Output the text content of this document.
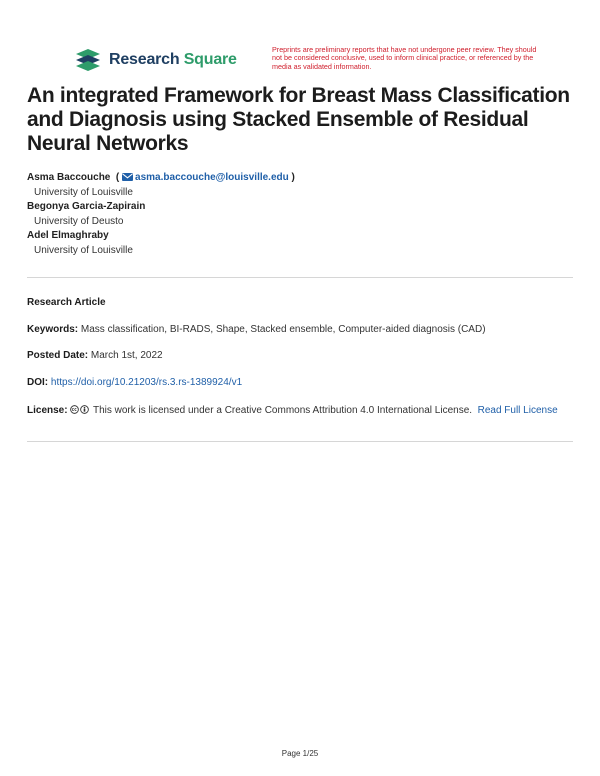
Research Square
Preprints are preliminary reports that have not undergone peer review. They should not be considered conclusive, used to inform clinical practice, or referenced by the media as validated information.
An integrated Framework for Breast Mass Classification and Diagnosis using Stacked Ensemble of Residual Neural Networks
Asma Baccouche  ( asma.baccouche@louisville.edu )
University of Louisville
Begonya Garcia-Zapirain
University of Deusto
Adel Elmaghraby
University of Louisville
Research Article
Keywords: Mass classification, BI-RADS, Shape, Stacked ensemble, Computer-aided diagnosis (CAD)
Posted Date: March 1st, 2022
DOI: https://doi.org/10.21203/rs.3.rs-1389924/v1
License:	This work is licensed under a Creative Commons Attribution 4.0 International License. Read Full License
Page 1/25
